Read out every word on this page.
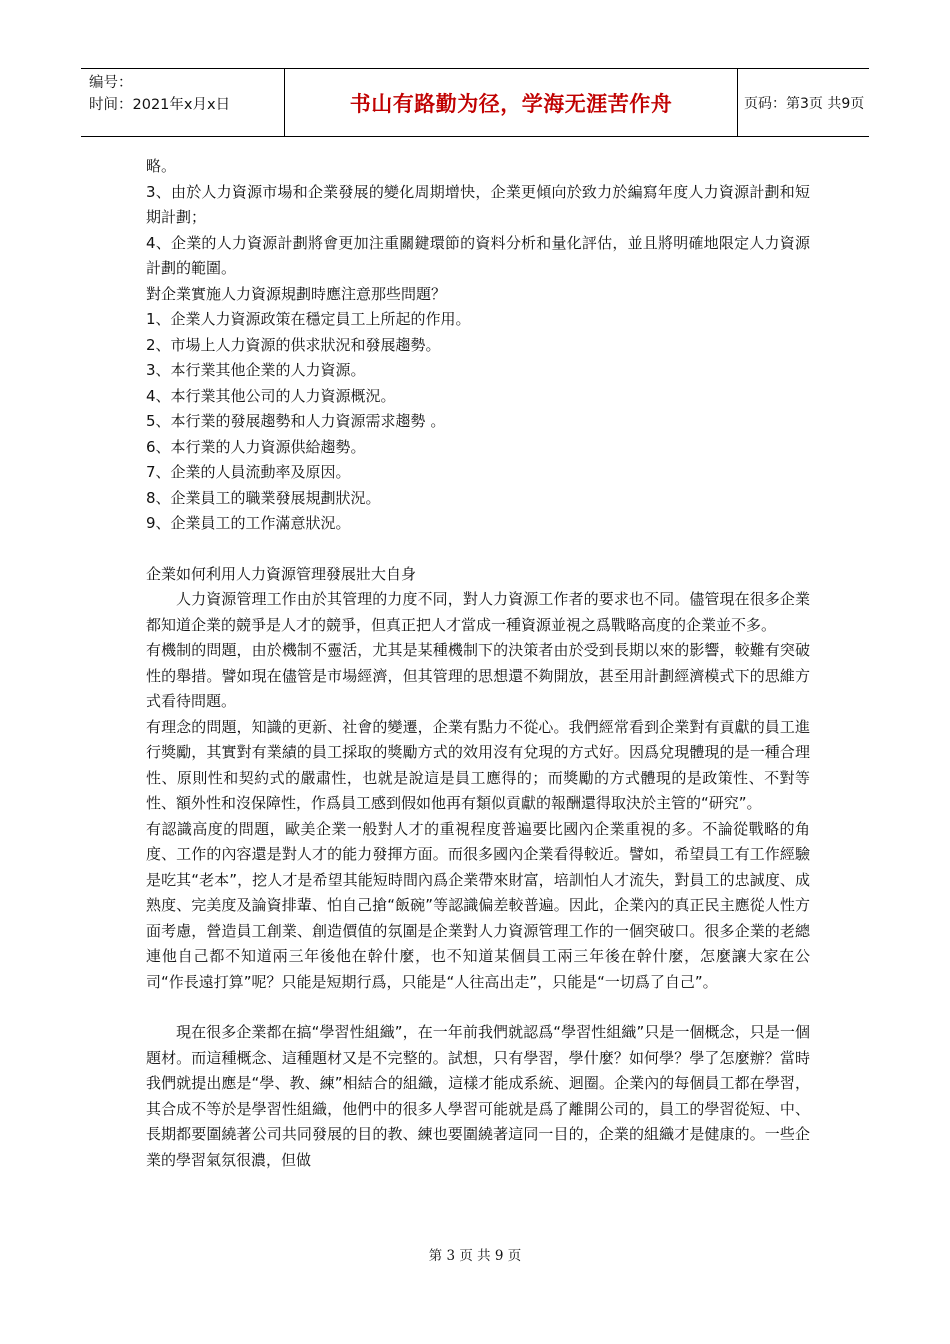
编号：
时间：2021年x月x日	书山有路勤为径，学海无涯苦作舟	页码：第3页 共9页

略。

3、由於人力資源市場和企業發展的變化周期增快，企業更傾向於致力於編寫年度人力資源計劃和短期計劃；

4、企業的人力資源計劃將會更加注重關鍵環節的資料分析和量化評估，並且將明確地限定人力資源計劃的範圍。

對企業實施人力資源規劃時應注意那些問題？

1、企業人力資源政策在穩定員工上所起的作用。

2、市場上人力資源的供求狀況和發展趨勢。

3、本行業其他企業的人力資源。

4、本行業其他公司的人力資源概況。

5、本行業的發展趨勢和人力資源需求趨勢 。

6、本行業的人力資源供給趨勢。

7、企業的人員流動率及原因。

8、企業員工的職業發展規劃狀況。

9、企業員工的工作滿意狀況。

企業如何利用人力資源管理發展壯大自身

人力資源管理工作由於其管理的力度不同，對人力資源工作者的要求也不同。儘管現在很多企業都知道企業的競爭是人才的競爭，但真正把人才當成一種資源並視之爲戰略高度的企業並不多。

有機制的問題，由於機制不靈活，尤其是某種機制下的決策者由於受到長期以來的影響，較難有突破性的舉措。譬如現在儘管是市場經濟，但其管理的思想還不夠開放，甚至用計劃經濟模式下的思維方式看待問題。

有理念的問題，知識的更新、社會的變遷，企業有點力不從心。我們經常看到企業對有貢獻的員工進行獎勵，其實對有業績的員工採取的獎勵方式的效用沒有兌現的方式好。因爲兌現體現的是一種合理性、原則性和契約式的嚴肅性，也就是說這是員工應得的；而獎勵的方式體現的是政策性、不對等性、額外性和沒保障性，作爲員工感到假如他再有類似貢獻的報酬還得取決於主管的“研究”。

有認識高度的問題，歐美企業一般對人才的重視程度普遍要比國內企業重視的多。不論從戰略的角度、工作的內容還是對人才的能力發揮方面。而很多國內企業看得較近。譬如，希望員工有工作經驗是吃其“老本”，挖人才是希望其能短時間內爲企業帶來財富，培訓怕人才流失，對員工的忠誠度、成熟度、完美度及論資排輩、怕自己搶“飯碗”等認識偏差較普遍。因此，企業內的真正民主應從人性方面考慮，營造員工創業、創造價值的氛圍是企業對人力資源管理工作的一個突破口。很多企業的老總連他自己都不知道兩三年後他在幹什麼，也不知道某個員工兩三年後在幹什麼，怎麼讓大家在公司“作長遠打算”呢？只能是短期行爲，只能是“人往高出走”，只能是“一切爲了自己”。

現在很多企業都在搞“學習性組織”，在一年前我們就認爲“學習性組織”只是一個概念，只是一個題材。而這種概念、這種題材又是不完整的。試想，只有學習，學什麼？如何學？學了怎麼辦？當時我們就提出應是“學、教、練”相結合的組織，這樣才能成系統、迴圈。企業內的每個員工都在學習，其合成不等於是學習性組織，他們中的很多人學習可能就是爲了離開公司的，員工的學習從短、中、長期都要圍繞著公司共同發展的目的教、練也要圍繞著這同一目的，企業的組織才是健康的。一些企業的學習氣氛很濃，但做

第 3 页 共 9 页
